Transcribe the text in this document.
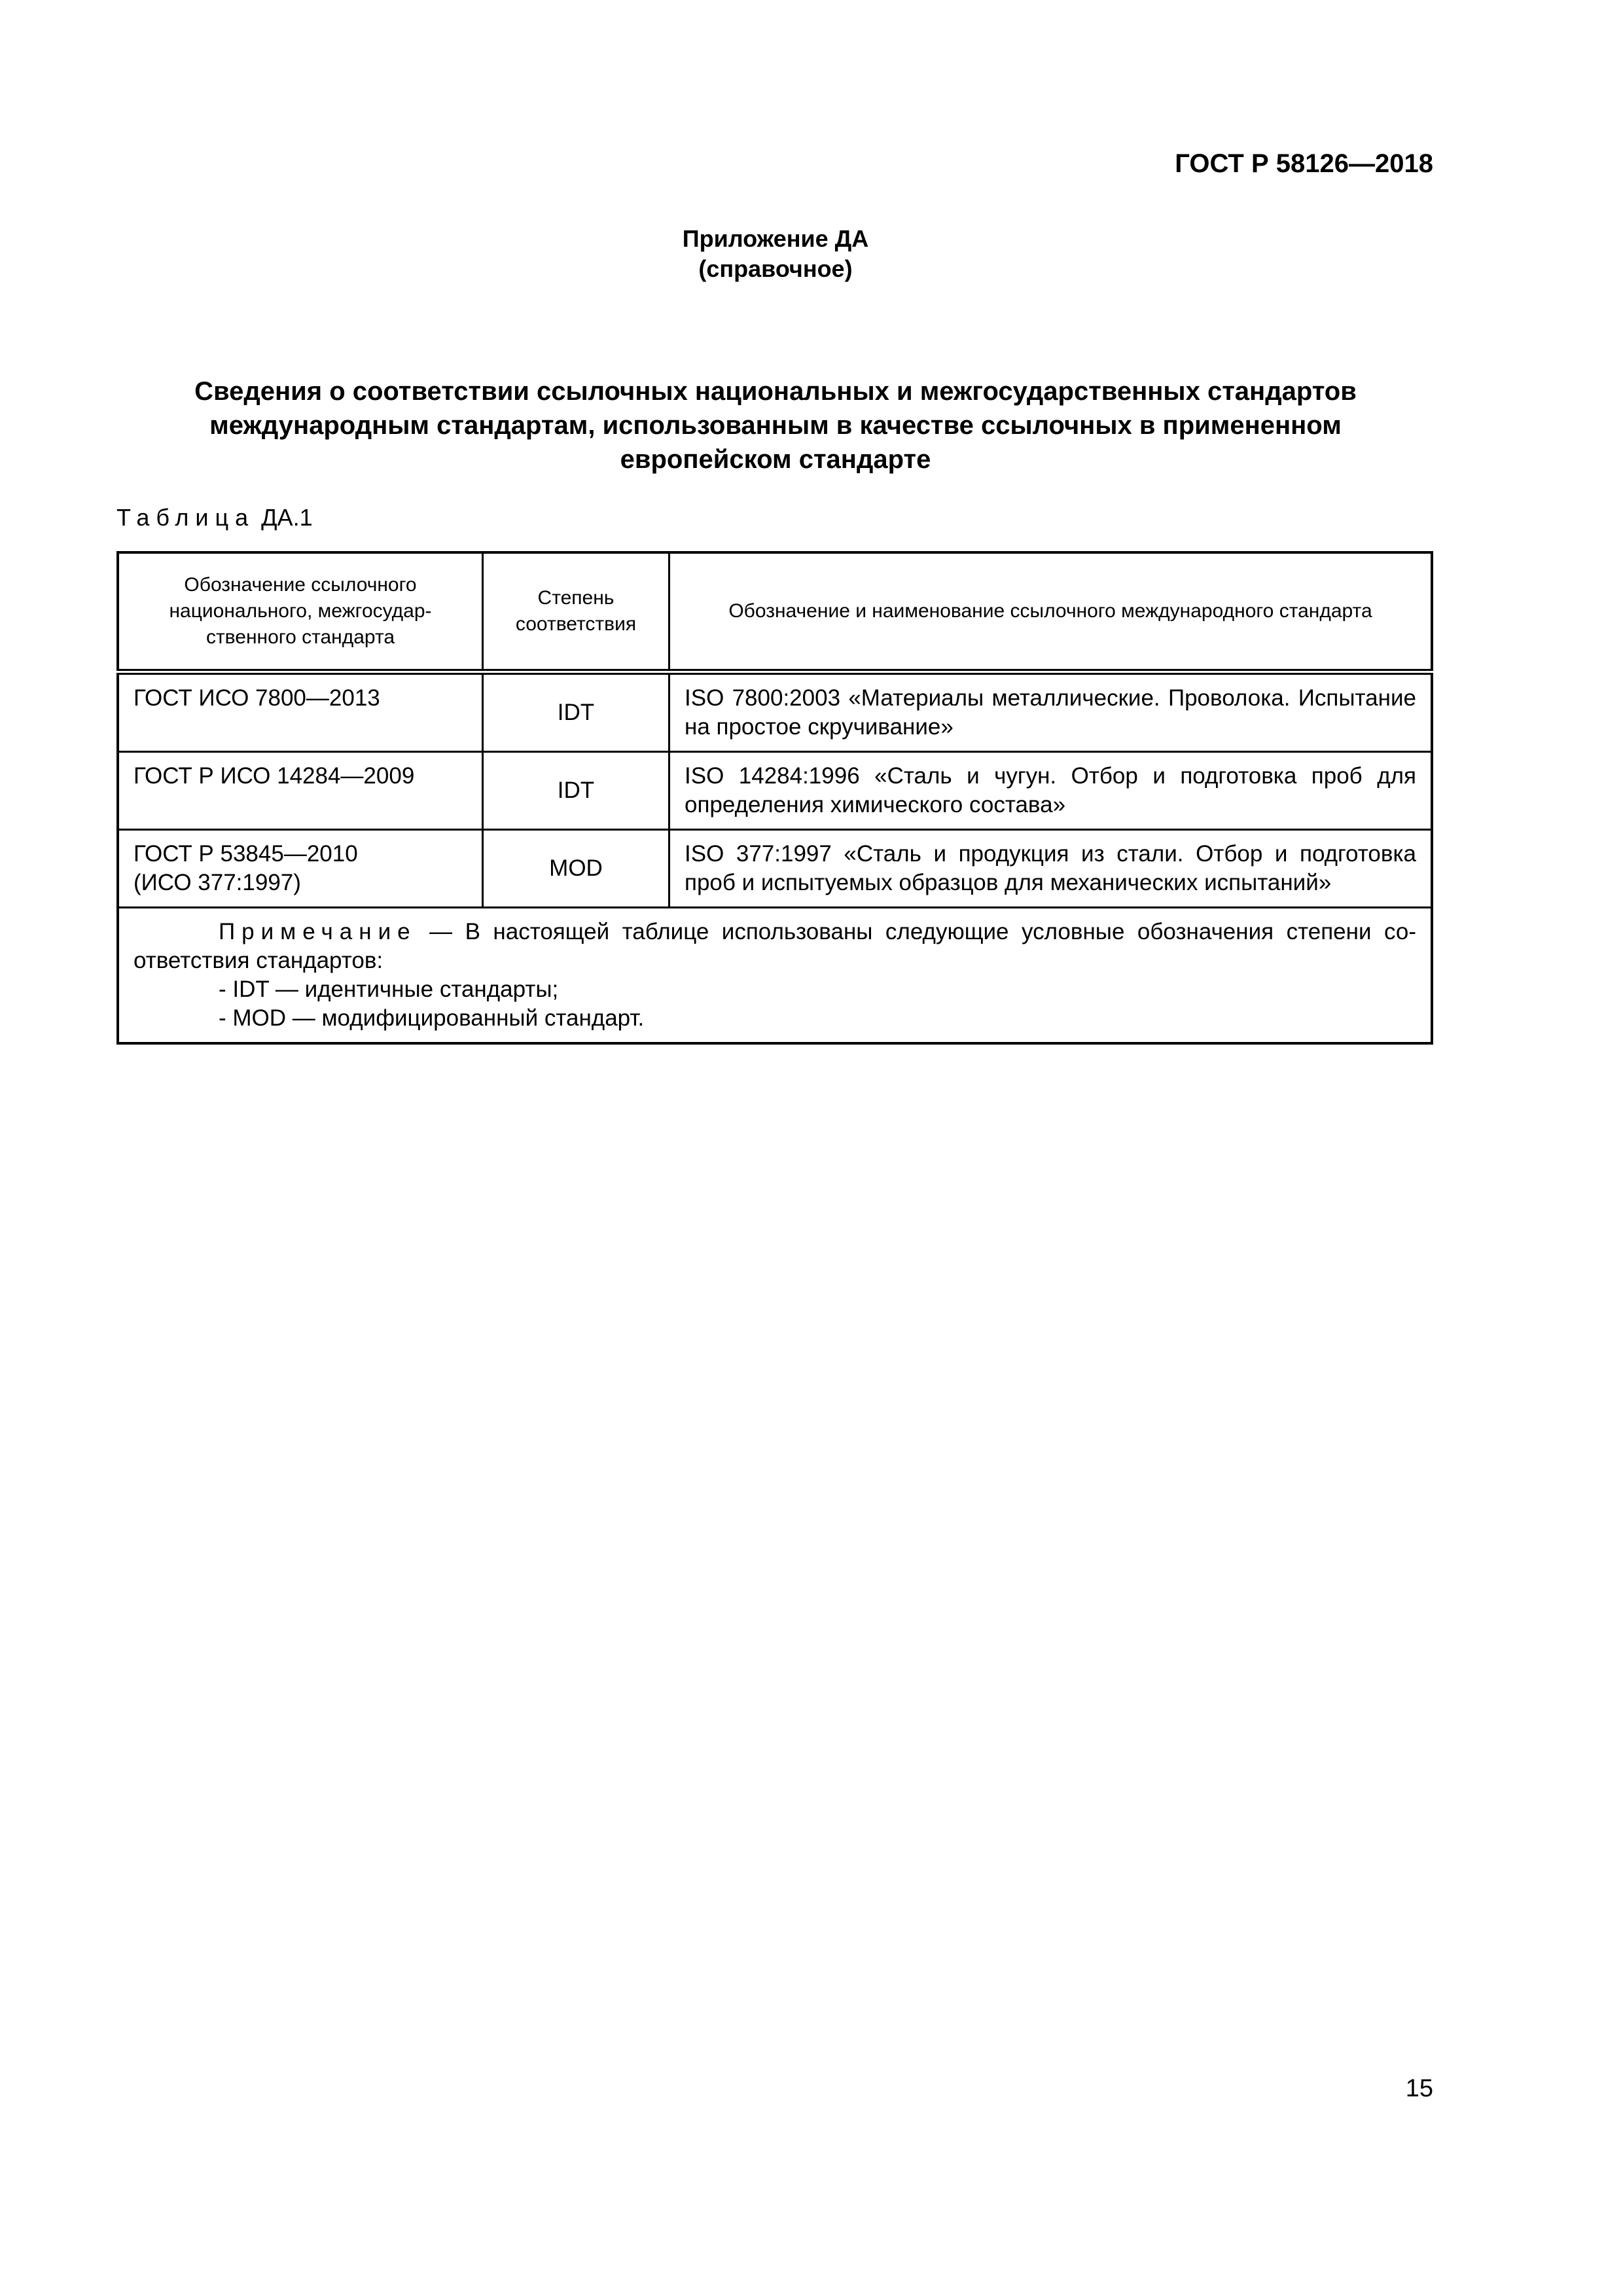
ГОСТ Р 58126—2018
Приложение ДА
(справочное)
Сведения о соответствии ссылочных национальных и межгосударственных стандартов
международным стандартам, использованным в качестве ссылочных в примененном
европейском стандарте
Таблица ДА.1
Обозначение ссылочного национального, межгосударственного стандарта	Степень соответствия	Обозначение и наименование ссылочного международного стандарта

ГОСТ ИСО 7800—2013	IDT	ISO 7800:2003 «Материалы металлические. Проволока. Испытание на простое скручивание»

ГОСТ Р ИСО 14284—2009	IDT	ISO 14284:1996 «Сталь и чугун. Отбор и подготовка проб для определения химического состава»

ГОСТ Р 53845—2010
(ИСО 377:1997)	MOD	ISO 377:1997 «Сталь и продукция из стали. Отбор и подготовка проб и испытуемых образцов для механических испытаний»

Примечание — В настоящей таблице использованы следующие условные обозначения степени соответствия стандартов:
- IDT — идентичные стандарты;
- MOD — модифицированный стандарт.		
15
